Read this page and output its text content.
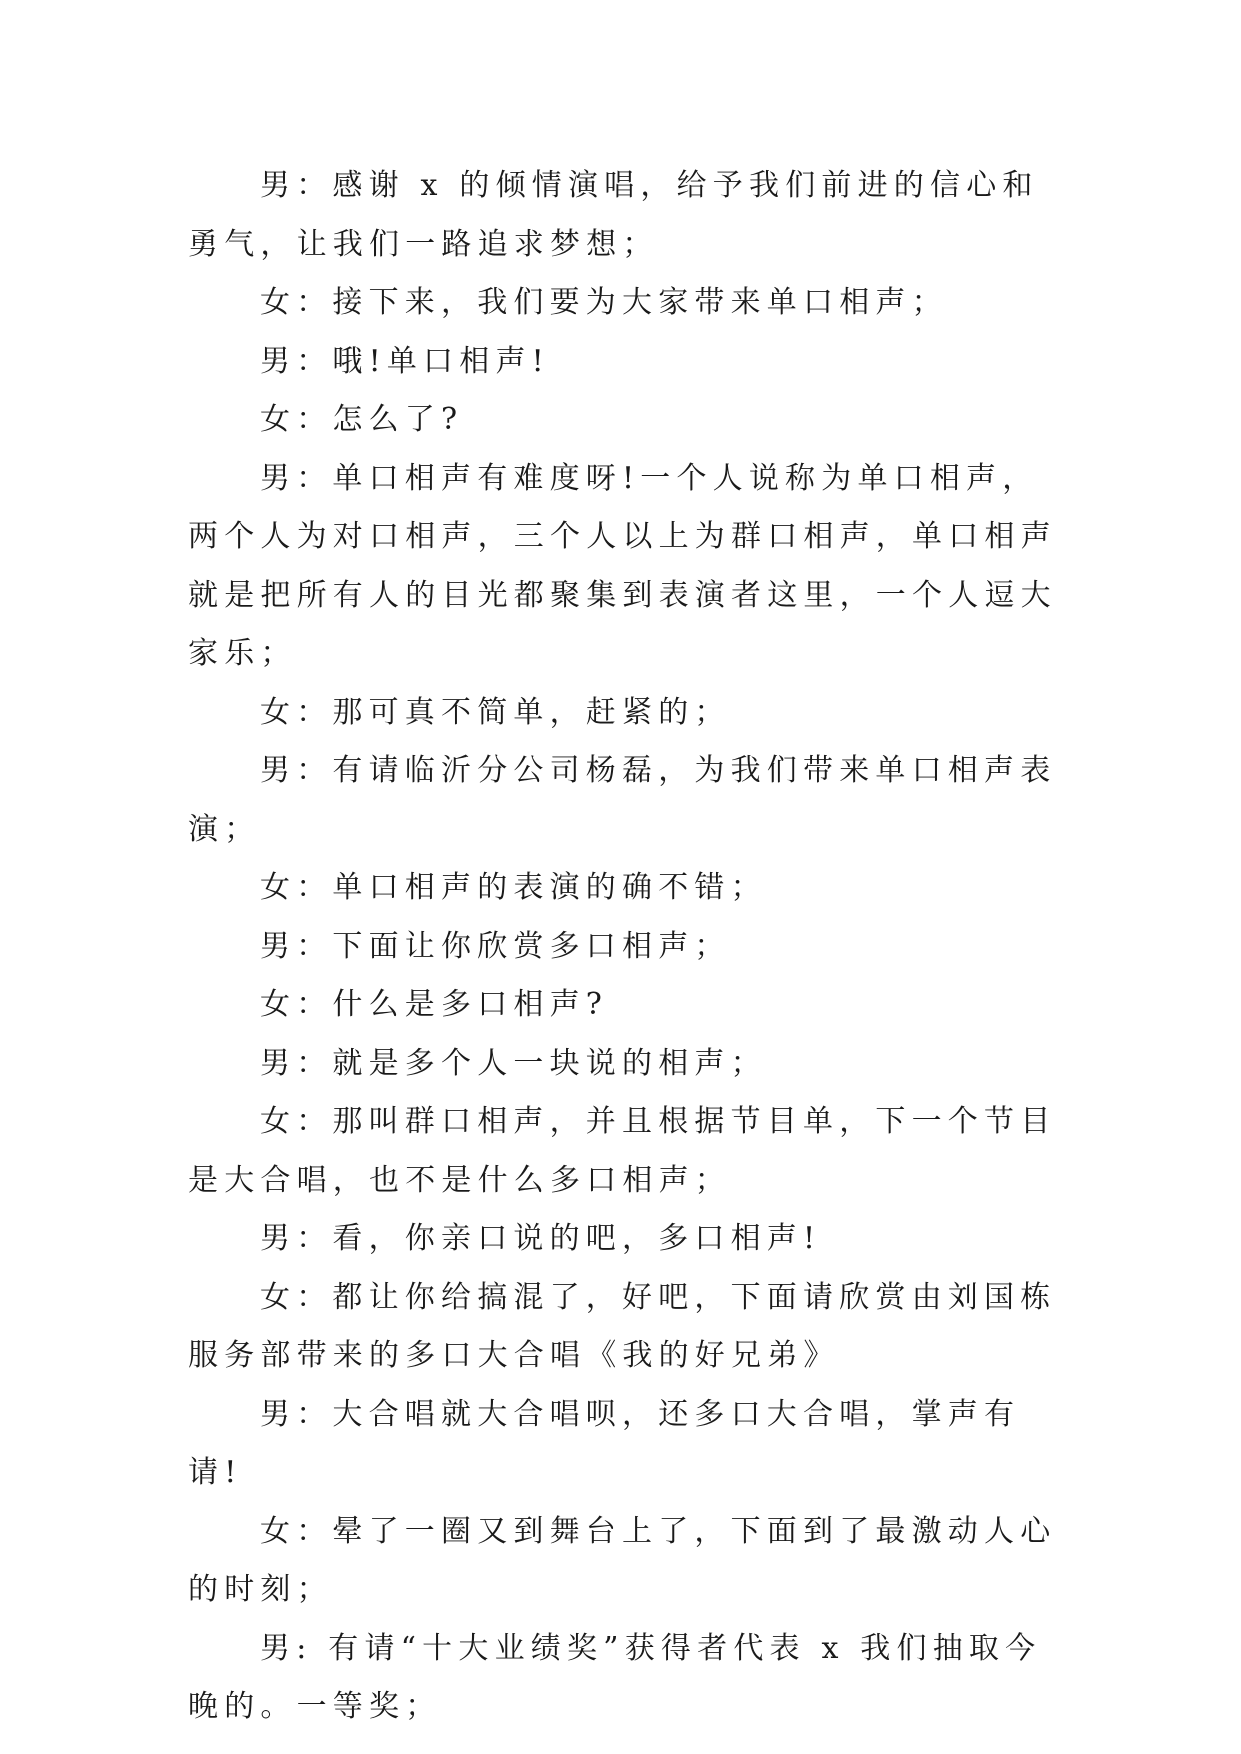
男：感谢 x 的倾情演唱，给予我们前进的信心和勇气，让我们一路追求梦想；

女：接下来，我们要为大家带来单口相声；

男：哦!单口相声!

女：怎么了?

男：单口相声有难度呀!一个人说称为单口相声，两个人为对口相声，三个人以上为群口相声，单口相声就是把所有人的目光都聚集到表演者这里，一个人逗大家乐；

女：那可真不简单，赶紧的；

男：有请临沂分公司杨磊，为我们带来单口相声表演；

女：单口相声的表演的确不错；

男：下面让你欣赏多口相声；

女：什么是多口相声?

男：就是多个人一块说的相声；

女：那叫群口相声，并且根据节目单，下一个节目是大合唱，也不是什么多口相声；

男：看，你亲口说的吧，多口相声!

女：都让你给搞混了，好吧，下面请欣赏由刘国栋服务部带来的多口大合唱《我的好兄弟》

男：大合唱就大合唱呗，还多口大合唱，掌声有请!

女：晕了一圈又到舞台上了，下面到了最激动人心的时刻；

男: 有请“十大业绩奖”获得者代表 x 我们抽取今晚的。一等奖；
